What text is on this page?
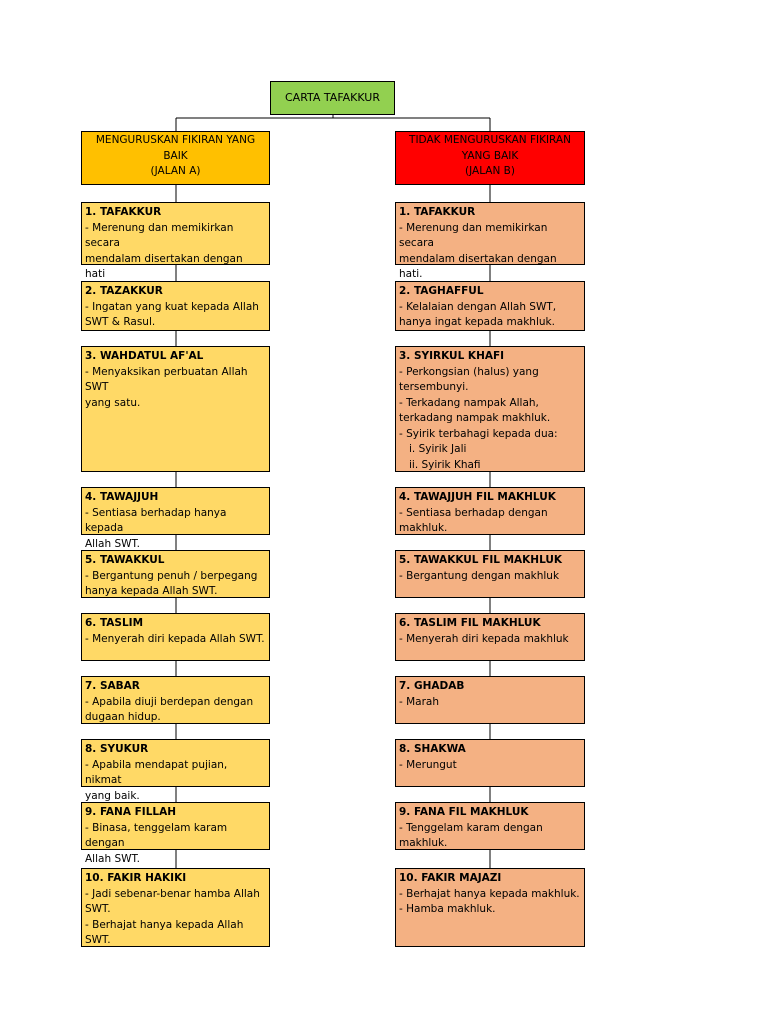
CARTA TAFAKKUR
MENGURUSKAN FIKIRAN YANG
BAIK
(JALAN A)
TIDAK MENGURUSKAN FIKIRAN
YANG BAIK
(JALAN B)
1. TAFAKKUR
- Merenung dan memikirkan secara
mendalam disertakan dengan hati
2. TAZAKKUR
- Ingatan yang kuat kepada Allah
SWT & Rasul.
3. WAHDATUL AF'AL
- Menyaksikan perbuatan Allah SWT
yang satu.
4. TAWAJJUH
- Sentiasa berhadap hanya kepada
Allah SWT.
5. TAWAKKUL
- Bergantung penuh / berpegang
hanya kepada Allah SWT.
6. TASLIM
- Menyerah diri kepada Allah SWT.
7. SABAR
- Apabila diuji berdepan dengan
dugaan hidup.
8. SYUKUR
- Apabila mendapat pujian, nikmat
yang baik.
9. FANA FILLAH
- Binasa, tenggelam karam dengan
Allah SWT.
10. FAKIR HAKIKI
- Jadi sebenar-benar hamba Allah
SWT.
- Berhajat hanya kepada Allah SWT.
1. TAFAKKUR
- Merenung dan memikirkan secara
mendalam disertakan dengan hati.
2. TAGHAFFUL
- Kelalaian dengan Allah SWT,
hanya ingat kepada makhluk.
3. SYIRKUL KHAFI
- Perkongsian (halus) yang
tersembunyi.
- Terkadang nampak Allah,
terkadang nampak makhluk.
- Syirik terbahagi kepada dua:
i. Syirik Jali
ii. Syirik Khafi
4. TAWAJJUH FIL MAKHLUK
- Sentiasa berhadap dengan
makhluk.
5. TAWAKKUL FIL MAKHLUK
- Bergantung dengan makhluk
6. TASLIM FIL MAKHLUK
- Menyerah diri kepada makhluk
7. GHADAB
- Marah
8. SHAKWA
- Merungut
9. FANA FIL MAKHLUK
- Tenggelam karam dengan
makhluk.
10. FAKIR MAJAZI
- Berhajat hanya kepada makhluk.
- Hamba makhluk.
